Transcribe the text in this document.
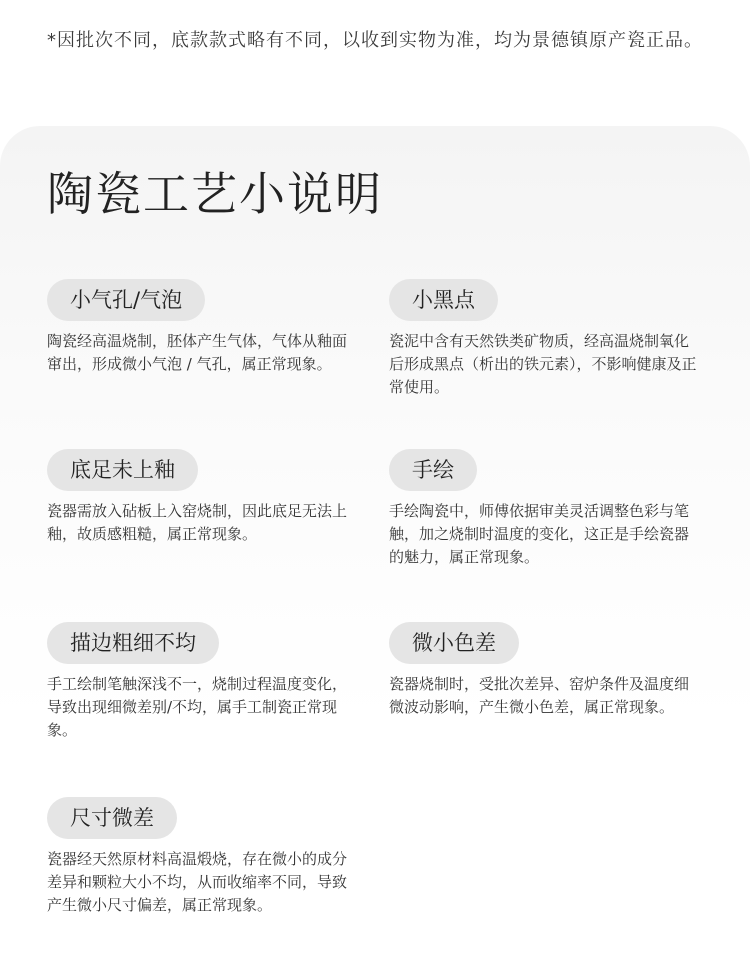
*因批次不同，底款款式略有不同，以收到实物为准，均为景德镇原产瓷正品。
陶瓷工艺小说明
小气孔/气泡
陶瓷经高温烧制，胚体产生气体，气体从釉面窜出，形成微小气泡 / 气孔，属正常现象。
小黑点
瓷泥中含有天然铁类矿物质，经高温烧制氧化后形成黑点（析出的铁元素），不影响健康及正常使用。
底足未上釉
瓷器需放入砧板上入窑烧制，因此底足无法上釉，故质感粗糙，属正常现象。
手绘
手绘陶瓷中，师傅依据审美灵活调整色彩与笔触，加之烧制时温度的变化，这正是手绘瓷器的魅力，属正常现象。
描边粗细不均
手工绘制笔触深浅不一，烧制过程温度变化，导致出现细微差别/不均，属手工制瓷正常现象。
微小色差
瓷器烧制时，受批次差异、窑炉条件及温度细微波动影响，产生微小色差，属正常现象。
尺寸微差
瓷器经天然原材料高温煅烧，存在微小的成分差异和颗粒大小不均，从而收缩率不同，导致产生微小尺寸偏差，属正常现象。
